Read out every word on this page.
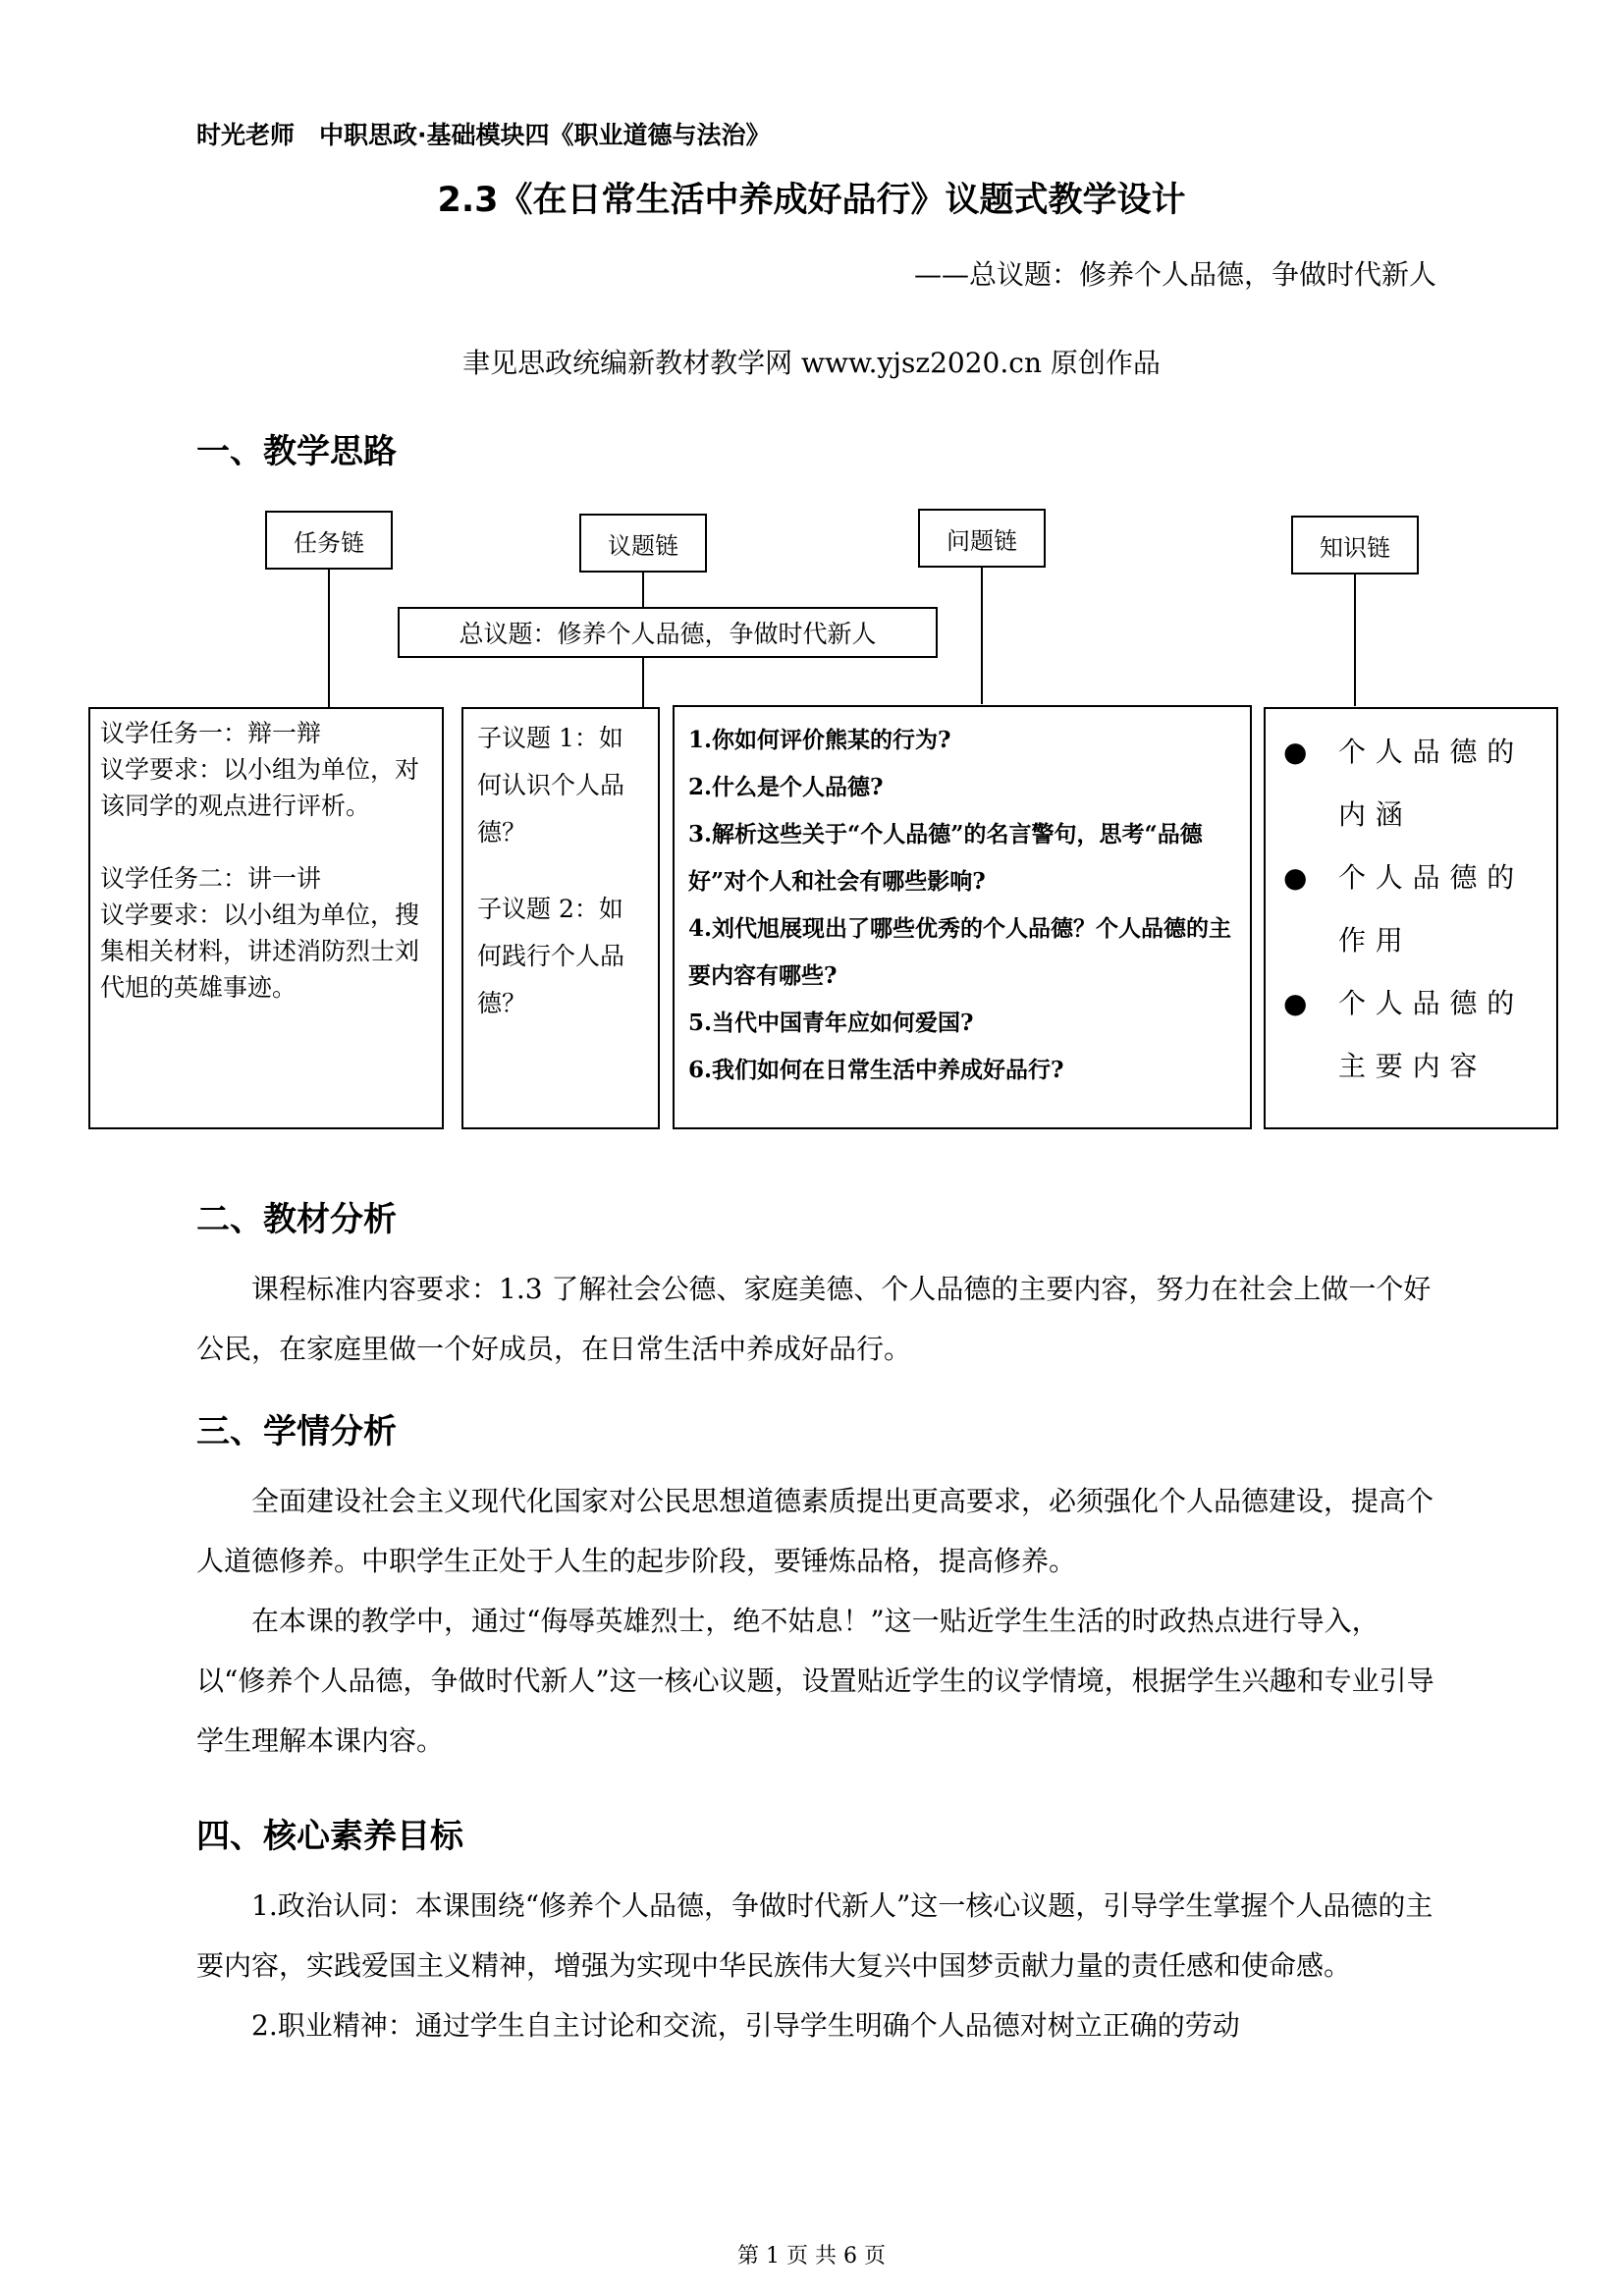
时光老师　中职思政·基础模块四《职业道德与法治》
2.3《在日常生活中养成好品行》议题式教学设计
——总议题：修养个人品德，争做时代新人
聿见思政统编新教材教学网 www.yjsz2020.cn 原创作品
一、教学思路
任务链	议题链	问题链	知识链
总议题：修养个人品德，争做时代新人
议学任务一：辩一辩
议学要求：以小组为单位，对该同学的观点进行评析。
议学任务二：讲一讲
议学要求：以小组为单位，搜集相关材料，讲述消防烈士刘代旭的英雄事迹。
子议题 1：如何认识个人品德？
子议题 2：如何践行个人品德？
1.你如何评价熊某的行为?
2.什么是个人品德?
3.解析这些关于“个人品德”的名言警句，思考“品德好”对个人和社会有哪些影响?
4.刘代旭展现出了哪些优秀的个人品德？个人品德的主要内容有哪些?
5.当代中国青年应如何爱国?
6.我们如何在日常生活中养成好品行?
●	个人品德的内涵
●	个人品德的作用
●	个人品德的主要内容
二、教材分析

课程标准内容要求：1.3 了解社会公德、家庭美德、个人品德的主要内容，努力在社会上做一个好公民，在家庭里做一个好成员，在日常生活中养成好品行。

三、学情分析

全面建设社会主义现代化国家对公民思想道德素质提出更高要求，必须强化个人品德建设，提高个人道德修养。中职学生正处于人生的起步阶段，要锤炼品格，提高修养。

在本课的教学中，通过“侮辱英雄烈士，绝不姑息！”这一贴近学生生活的时政热点进行导入，以“修养个人品德，争做时代新人”这一核心议题，设置贴近学生的议学情境，根据学生兴趣和专业引导学生理解本课内容。

四、核心素养目标

1.政治认同：本课围绕“修养个人品德，争做时代新人”这一核心议题，引导学生掌握个人品德的主要内容，实践爱国主义精神，增强为实现中华民族伟大复兴中国梦贡献力量的责任感和使命感。

2.职业精神：通过学生自主讨论和交流，引导学生明确个人品德对树立正确的劳动

第 1 页 共 6 页
